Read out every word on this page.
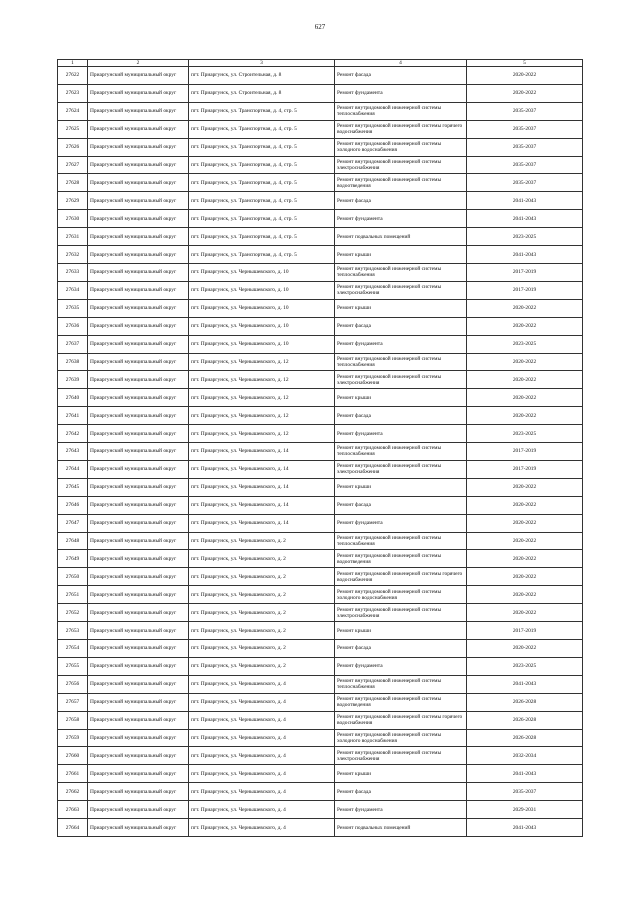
627
1	2	3	4	5
27622	Приаргунский муниципальный округ	пгт. Приаргунск, ул. Строительная, д. 8	Ремонт фасада	2020-2022
27623	Приаргунский муниципальный округ	пгт. Приаргунск, ул. Строительная, д. 8	Ремонт фундамента	2020-2022
27624	Приаргунский муниципальный округ	пгт. Приаргунск, ул. Транспортная, д. 4, стр. 5	Ремонт внутридомовой инженерной системы теплоснабжения	2035-2037
27625	Приаргунский муниципальный округ	пгт. Приаргунск, ул. Транспортная, д. 4, стр. 5	Ремонт внутридомовой инженерной системы горячего водоснабжения	2035-2037
27626	Приаргунский муниципальный округ	пгт. Приаргунск, ул. Транспортная, д. 4, стр. 5	Ремонт внутридомовой инженерной системы холодного водоснабжения	2035-2037
27627	Приаргунский муниципальный округ	пгт. Приаргунск, ул. Транспортная, д. 4, стр. 5	Ремонт внутридомовой инженерной системы электроснабжения	2035-2037
27628	Приаргунский муниципальный округ	пгт. Приаргунск, ул. Транспортная, д. 4, стр. 5	Ремонт внутридомовой инженерной системы водоотведения	2035-2037
27629	Приаргунский муниципальный округ	пгт. Приаргунск, ул. Транспортная, д. 4, стр. 5	Ремонт фасада	2041-2043
27630	Приаргунский муниципальный округ	пгт. Приаргунск, ул. Транспортная, д. 4, стр. 5	Ремонт фундамента	2041-2043
27631	Приаргунский муниципальный округ	пгт. Приаргунск, ул. Транспортная, д. 4, стр. 5	Ремонт подвальных помещений	2023-2025
27632	Приаргунский муниципальный округ	пгт. Приаргунск, ул. Транспортная, д. 4, стр. 5	Ремонт крыши	2041-2043
27633	Приаргунский муниципальный округ	пгт. Приаргунск, ул. Чернышевского, д. 10	Ремонт внутридомовой инженерной системы теплоснабжения	2017-2019
27634	Приаргунский муниципальный округ	пгт. Приаргунск, ул. Чернышевского, д. 10	Ремонт внутридомовой инженерной системы электроснабжения	2017-2019
27635	Приаргунский муниципальный округ	пгт. Приаргунск, ул. Чернышевского, д. 10	Ремонт крыши	2020-2022
27636	Приаргунский муниципальный округ	пгт. Приаргунск, ул. Чернышевского, д. 10	Ремонт фасада	2020-2022
27637	Приаргунский муниципальный округ	пгт. Приаргунск, ул. Чернышевского, д. 10	Ремонт фундамента	2023-2025
27638	Приаргунский муниципальный округ	пгт. Приаргунск, ул. Чернышевского, д. 12	Ремонт внутридомовой инженерной системы теплоснабжения	2020-2022
27639	Приаргунский муниципальный округ	пгт. Приаргунск, ул. Чернышевского, д. 12	Ремонт внутридомовой инженерной системы электроснабжения	2020-2022
27640	Приаргунский муниципальный округ	пгт. Приаргунск, ул. Чернышевского, д. 12	Ремонт крыши	2020-2022
27641	Приаргунский муниципальный округ	пгт. Приаргунск, ул. Чернышевского, д. 12	Ремонт фасада	2020-2022
27642	Приаргунский муниципальный округ	пгт. Приаргунск, ул. Чернышевского, д. 12	Ремонт фундамента	2023-2025
27643	Приаргунский муниципальный округ	пгт. Приаргунск, ул. Чернышевского, д. 14	Ремонт внутридомовой инженерной системы теплоснабжения	2017-2019
27644	Приаргунский муниципальный округ	пгт. Приаргунск, ул. Чернышевского, д. 14	Ремонт внутридомовой инженерной системы электроснабжения	2017-2019
27645	Приаргунский муниципальный округ	пгт. Приаргунск, ул. Чернышевского, д. 14	Ремонт крыши	2020-2022
27646	Приаргунский муниципальный округ	пгт. Приаргунск, ул. Чернышевского, д. 14	Ремонт фасада	2020-2022
27647	Приаргунский муниципальный округ	пгт. Приаргунск, ул. Чернышевского, д. 14	Ремонт фундамента	2020-2022
27648	Приаргунский муниципальный округ	пгт. Приаргунск, ул. Чернышевского, д. 2	Ремонт внутридомовой инженерной системы теплоснабжения	2020-2022
27649	Приаргунский муниципальный округ	пгт. Приаргунск, ул. Чернышевского, д. 2	Ремонт внутридомовой инженерной системы водоотведения	2020-2022
27650	Приаргунский муниципальный округ	пгт. Приаргунск, ул. Чернышевского, д. 2	Ремонт внутридомовой инженерной системы горячего водоснабжения	2020-2022
27651	Приаргунский муниципальный округ	пгт. Приаргунск, ул. Чернышевского, д. 2	Ремонт внутридомовой инженерной системы холодного водоснабжения	2020-2022
27652	Приаргунский муниципальный округ	пгт. Приаргунск, ул. Чернышевского, д. 2	Ремонт внутридомовой инженерной системы электроснабжения	2020-2022
27653	Приаргунский муниципальный округ	пгт. Приаргунск, ул. Чернышевского, д. 2	Ремонт крыши	2017-2019
27654	Приаргунский муниципальный округ	пгт. Приаргунск, ул. Чернышевского, д. 2	Ремонт фасада	2020-2022
27655	Приаргунский муниципальный округ	пгт. Приаргунск, ул. Чернышевского, д. 2	Ремонт фундамента	2023-2025
27656	Приаргунский муниципальный округ	пгт. Приаргунск, ул. Чернышевского, д. 4	Ремонт внутридомовой инженерной системы теплоснабжения	2041-2043
27657	Приаргунский муниципальный округ	пгт. Приаргунск, ул. Чернышевского, д. 4	Ремонт внутридомовой инженерной системы водоотведения	2026-2028
27658	Приаргунский муниципальный округ	пгт. Приаргунск, ул. Чернышевского, д. 4	Ремонт внутридомовой инженерной системы горячего водоснабжения	2026-2028
27659	Приаргунский муниципальный округ	пгт. Приаргунск, ул. Чернышевского, д. 4	Ремонт внутридомовой инженерной системы холодного водоснабжения	2026-2028
27660	Приаргунский муниципальный округ	пгт. Приаргунск, ул. Чернышевского, д. 4	Ремонт внутридомовой инженерной системы электроснабжения	2032-2034
27661	Приаргунский муниципальный округ	пгт. Приаргунск, ул. Чернышевского, д. 4	Ремонт крыши	2041-2043
27662	Приаргунский муниципальный округ	пгт. Приаргунск, ул. Чернышевского, д. 4	Ремонт фасада	2035-2037
27663	Приаргунский муниципальный округ	пгт. Приаргунск, ул. Чернышевского, д. 4	Ремонт фундамента	2029-2031
27664	Приаргунский муниципальный округ	пгт. Приаргунск, ул. Чернышевского, д. 4	Ремонт подвальных помещений	2041-2043
